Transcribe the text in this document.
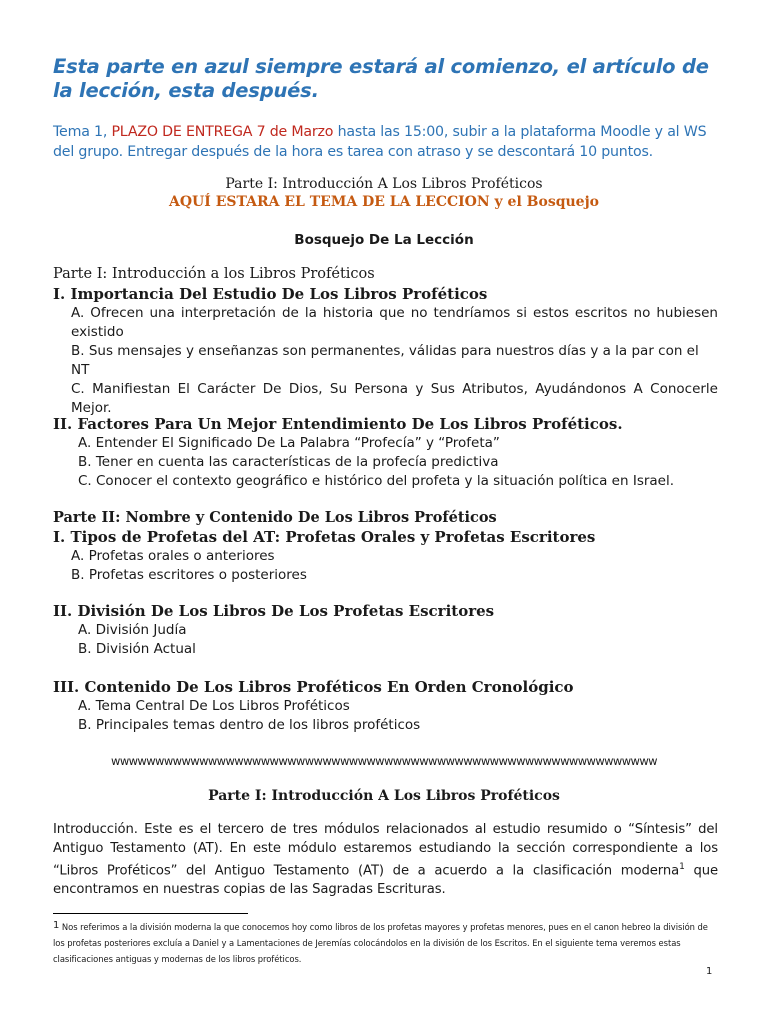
Esta parte en azul siempre estará al comienzo, el artículo de la lección, esta después.
Tema 1, PLAZO DE ENTREGA 7 de Marzo hasta las 15:00, subir a la plataforma Moodle y al WS del grupo. Entregar después de la hora es tarea con atraso y se descontará 10 puntos.
Parte I: Introducción A Los Libros Proféticos
AQUÍ ESTARA EL TEMA DE LA LECCION y el Bosquejo
Bosquejo De La Lección
Parte I: Introducción a los Libros Proféticos
I. Importancia Del Estudio De Los Libros Proféticos
A. Ofrecen una interpretación de la historia que no tendríamos si estos escritos no hubiesen existido
B. Sus mensajes y enseñanzas son permanentes, válidas para nuestros días y a la par con el NT
C. Manifiestan El Carácter De Dios, Su Persona y Sus Atributos, Ayudándonos A Conocerle Mejor.
II. Factores Para Un Mejor Entendimiento De Los Libros Proféticos.
A. Entender El Significado De La Palabra “Profecía” y “Profeta”
B. Tener en cuenta las características de la profecía predictiva
C. Conocer el contexto geográfico e histórico del profeta y la situación política en Israel.
Parte II: Nombre y Contenido De Los Libros Proféticos
I. Tipos de Profetas del AT: Profetas Orales y Profetas Escritores
A. Profetas orales o anteriores
B. Profetas escritores o posteriores
II. División De Los Libros De Los Profetas Escritores
A. División Judía
B. División Actual
III. Contenido De Los Libros Proféticos En Orden Cronológico
A. Tema Central De Los Libros Proféticos
B. Principales temas dentro de los libros proféticos
wwwwwwwwwwwwwwwwwwwwwwwwwwwwwwwwwwwwwwwwwwwwwwwwwwwwwwwwwwwwww
Parte I: Introducción A Los Libros Proféticos
Introducción. Este es el tercero de tres módulos relacionados al estudio resumido o “Síntesis” del Antiguo Testamento (AT). En este módulo estaremos estudiando la sección correspondiente a los “Libros Proféticos” del Antiguo Testamento (AT) de a acuerdo a la clasificación moderna$^1$ que encontramos en nuestras copias de las Sagradas Escrituras.
$^1$ Nos referimos a la división moderna la que conocemos hoy como libros de los profetas mayores y profetas menores, pues en el canon hebreo la división de los profetas posteriores excluía a Daniel y a Lamentaciones de Jeremías colocándolos en la división de los Escritos. En el siguiente tema veremos estas clasificaciones antiguas y modernas de los libros proféticos.
1
